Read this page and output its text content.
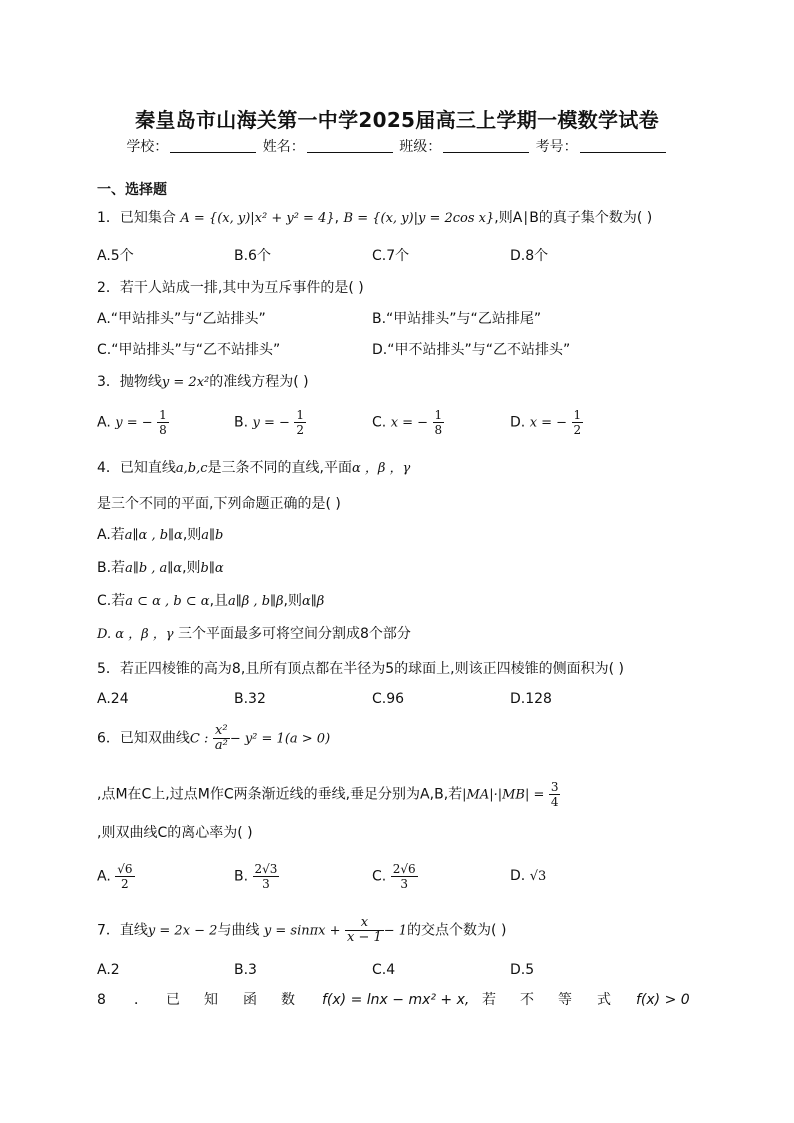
秦皇岛市山海关第一中学2025届高三上学期一模数学试卷
学校：	姓名：	班级：	考号：
一、选择题
1．已知集合 A = {(x, y)|x² + y² = 4}, B = {(x, y)|y = 2cos x},则A∣B的真子集个数为( )
A.5个	B.6个	C.7个	D.8个
2．若干人站成一排,其中为互斥事件的是( )
A.“甲站排头”与“乙站排头”	B.“甲站排头”与“乙站排尾”
C.“甲站排头”与“乙不站排头”	D.“甲不站排头”与“乙不站排头”
3．抛物线y = 2x²的准线方程为( )
A. y = − $\frac{1}{8}$	B. y = − $\frac{1}{2}$	C. x = − $\frac{1}{8}$	D. x = − $\frac{1}{2}$
4．已知直线a,b,c是三条不同的直线,平面α ，β ，γ
是三个不同的平面,下列命题正确的是( )
A.若a∥α , b∥α,则a∥b
B.若a∥b , a∥α,则b∥α
C.若a ⊂ α , b ⊂ α,且a∥β , b∥β,则α∥β
D. α ，β ，γ 三个平面最多可将空间分割成8个部分
5．若正四棱锥的高为8,且所有顶点都在半径为5的球面上,则该正四棱锥的侧面积为( )
A.24	B.32	C.96	D.128
6．已知双曲线C : $\frac{\text{x²}}{\text{a²}} - y^2 = 1(a > 0)$
,点M在C上,过点M作C两条渐近线的垂线,垂足分别为A,B,若$|MA|\cdot|MB| = \frac{3}{4}$
,则双曲线C的离心率为( )
A. $\frac{√6}{2}$	B. $\frac{2√3}{3}$	C. $\frac{2√6}{3}$	D. √3
7．直线y = 2x − 2与曲线 $y = \sin\pi x + \frac{x}{x - 1} - 1$的交点个数为( )
A.2	B.3	C.4	D.5
8 ． 已 知 函 数 f(x) = lnx − mx² + x, 若 不 等 式 f(x) > 0
